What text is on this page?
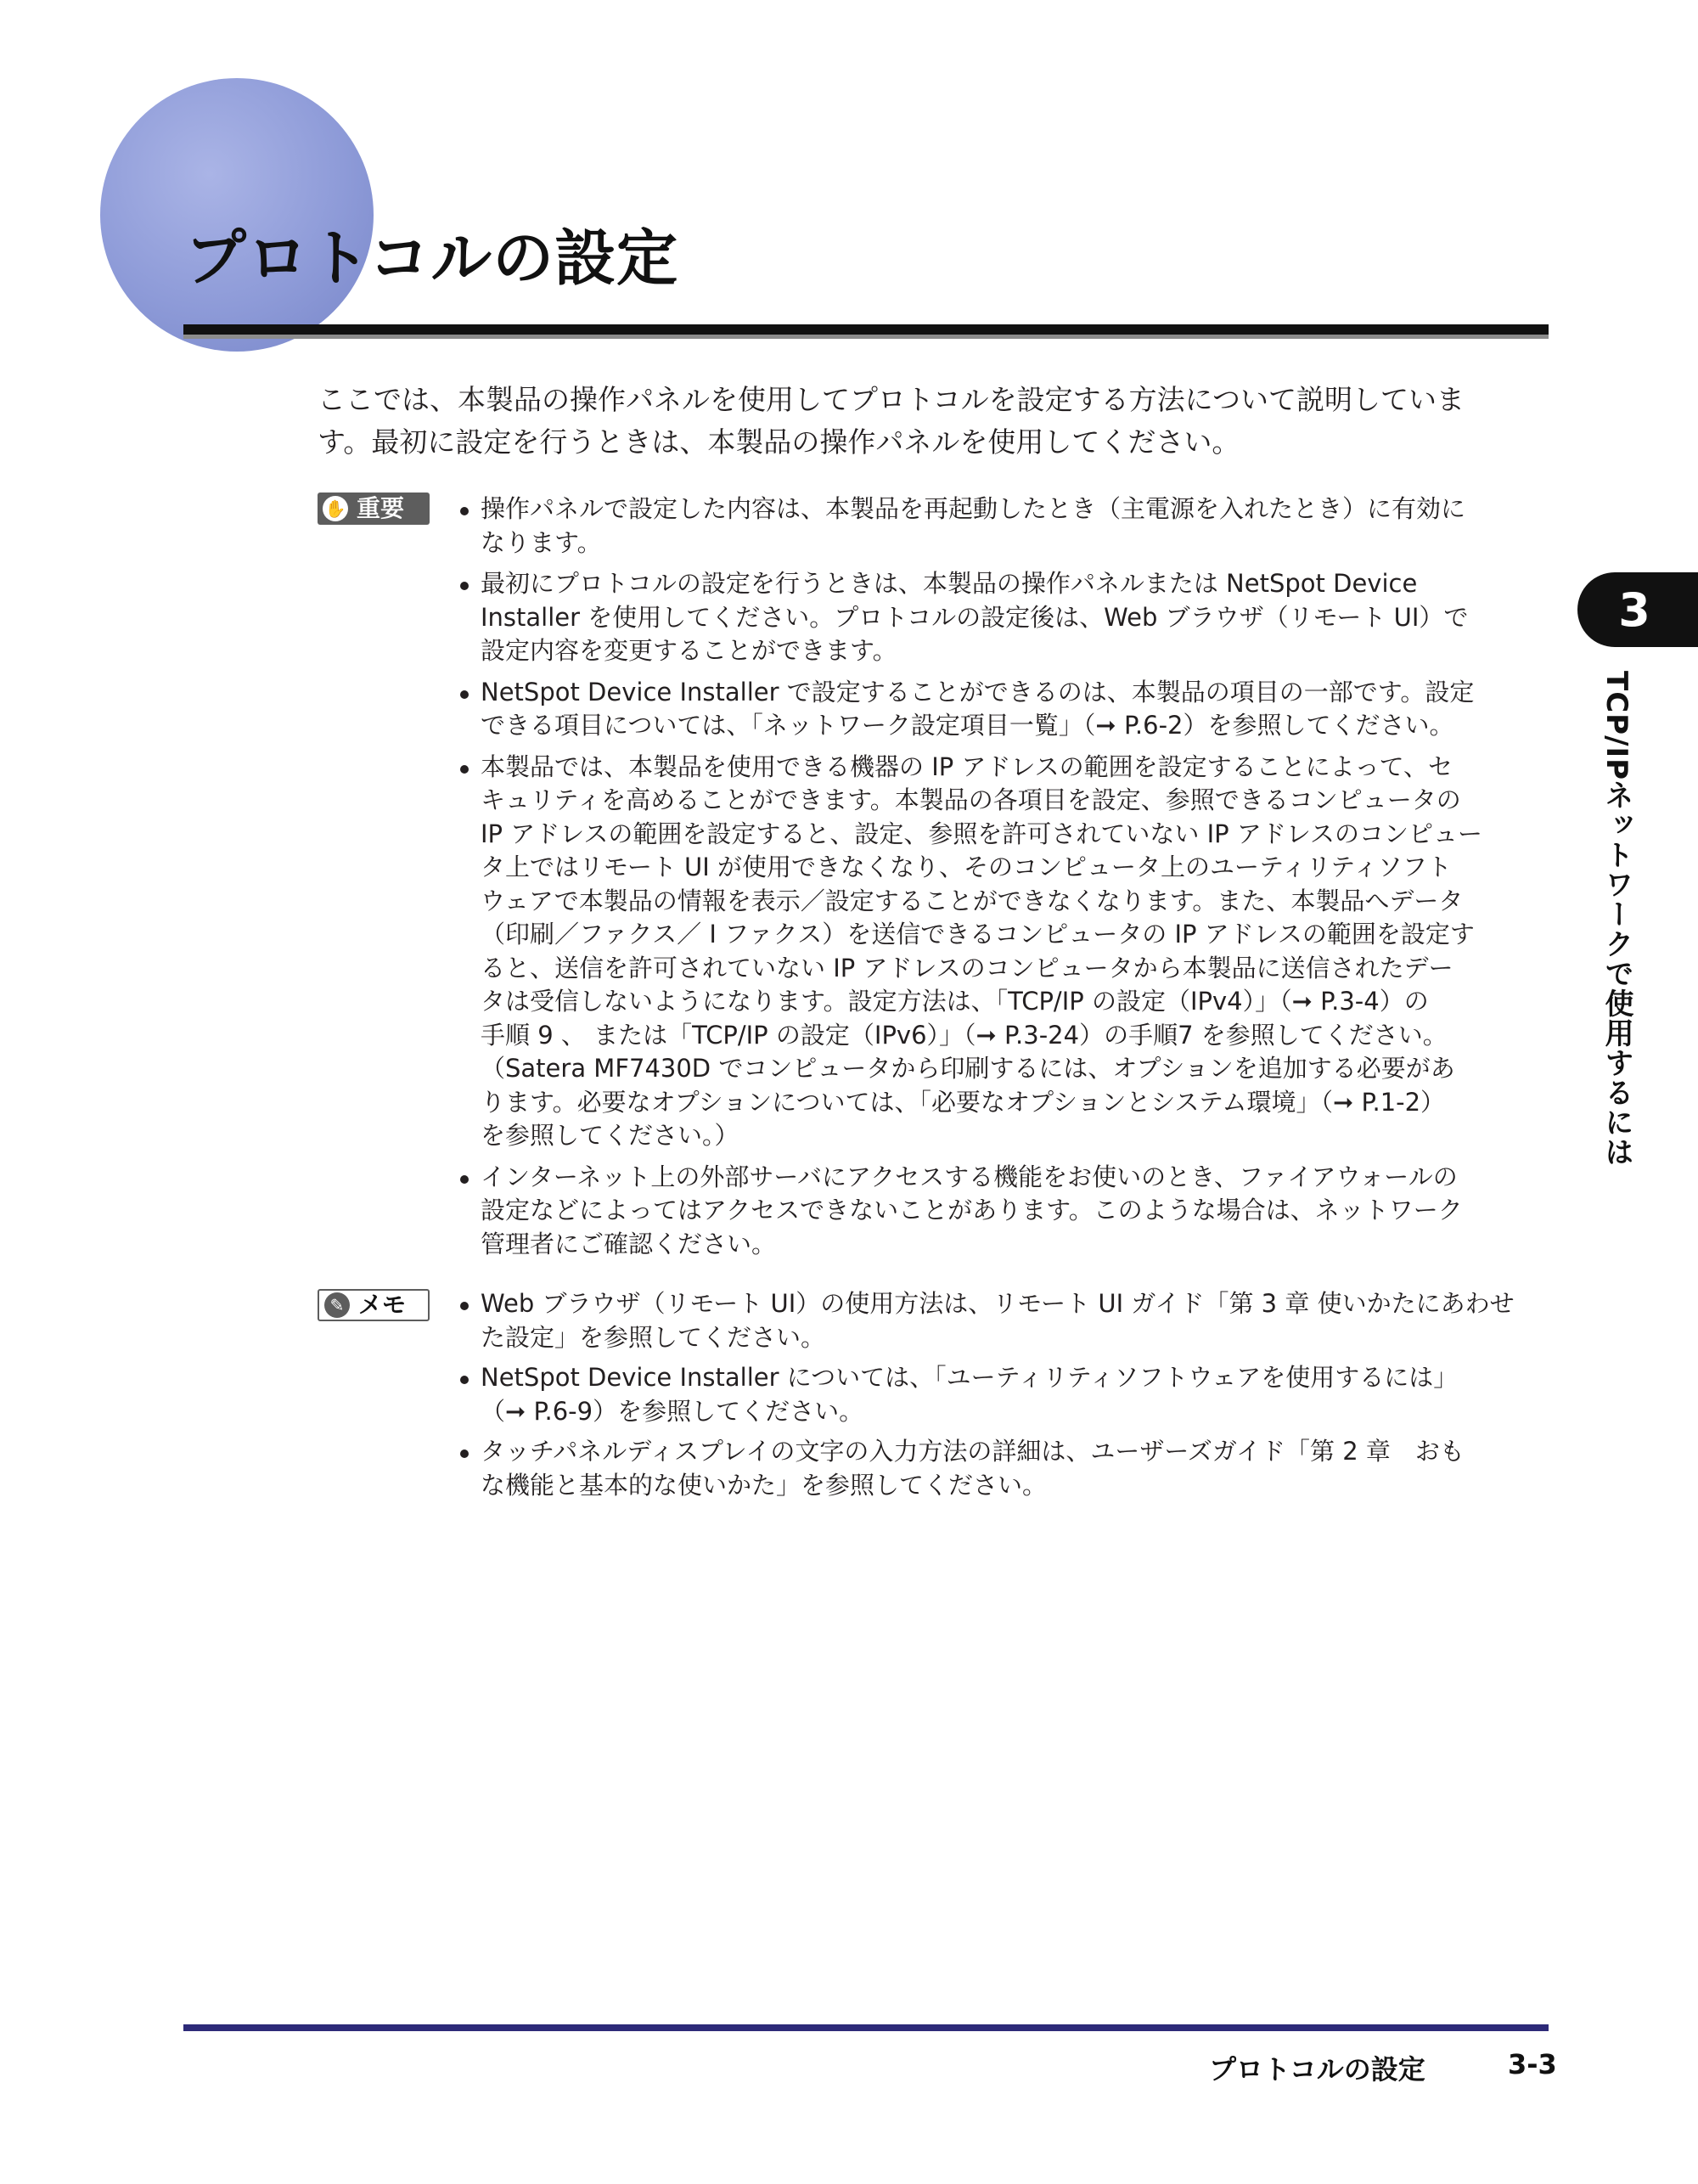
プロトコルの設定

ここでは、本製品の操作パネルを使用してプロトコルを設定する方法について説明していま
す。最初に設定を行うときは、本製品の操作パネルを使用してください。

✋ 重要	操作パネルで設定した内容は、本製品を再起動したとき（主電源を入れたとき）に有効に
なります。
最初にプロトコルの設定を行うときは、本製品の操作パネルまたは NetSpot Device
Installer を使用してください。プロトコルの設定後は、Web ブラウザ（リモート UI）で
設定内容を変更することができます。
NetSpot Device Installer で設定することができるのは、本製品の項目の一部です。設定
できる項目については、「ネットワーク設定項目一覧」（➞ P.6-2）を参照してください。
本製品では、本製品を使用できる機器の IP アドレスの範囲を設定することによって、セ
キュリティを高めることができます。本製品の各項目を設定、参照できるコンピュータの
IP アドレスの範囲を設定すると、設定、参照を許可されていない IP アドレスのコンピュー
タ上ではリモート UI が使用できなくなり、そのコンピュータ上のユーティリティソフト
ウェアで本製品の情報を表示／設定することができなくなります。また、本製品へデータ
（印刷／ファクス／ I ファクス）を送信できるコンピュータの IP アドレスの範囲を設定す
ると、送信を許可されていない IP アドレスのコンピュータから本製品に送信されたデー
タは受信しないようになります。設定方法は、「TCP/IP の設定（IPv4）」（➞ P.3-4）の
手順 9 、 または「TCP/IP の設定（IPv6）」（➞ P.3-24）の手順7 を参照してください。
（Satera MF7430D でコンピュータから印刷するには、オプションを追加する必要があ
ります。必要なオプションについては、「必要なオプションとシステム環境」（➞ P.1-2）
を参照してください。）
インターネット上の外部サーバにアクセスする機能をお使いのとき、ファイアウォールの
設定などによってはアクセスできないことがあります。このような場合は、ネットワーク
管理者にご確認ください。
✎ メモ	Web ブラウザ（リモート UI）の使用方法は、リモート UI ガイド「第 3 章 使いかたにあわせ
た設定」を参照してください。
NetSpot Device Installer については、「ユーティリティソフトウェアを使用するには」
（➞ P.6-9）を参照してください。
タッチパネルディスプレイの文字の入力方法の詳細は、ユーザーズガイド「第 2 章　おも
な機能と基本的な使いかた」を参照してください。
3
TCP/IPネットワークで使用するには
プロトコルの設定	3-3
